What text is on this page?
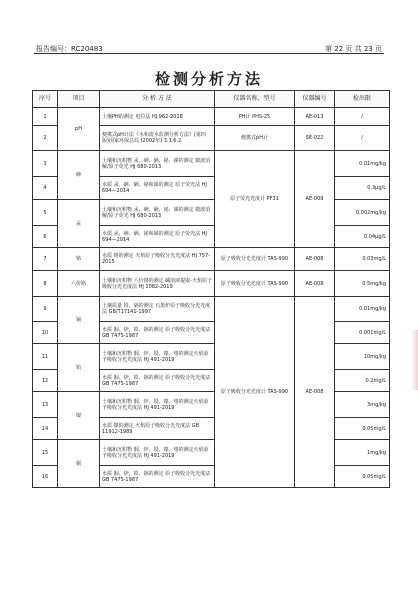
报告编号：RC20483	第 22 页 共 23 页
检测分析方法
序号	项目	分 析 方 法	仪器名称、型号	仪器编号	检出限
1	pH	土壤PH的测定 电位法 HJ 962-2018	PH计 PHS-25	AE-013	/
2		便携式pH计法《水和废水监测分析方法》(第四版)国家环保总局 (2002年) 3.1.6.2	便携式pH计	SE-022	/
3	砷	土壤和沉积物 汞、砷、硒、铋、锑的测定 微波消解/原子荧光 HJ 680-2013	原子荧光光度计 PF31	AE-009	0.01mg/kg
4		水质 汞、砷、硒、铋和锑的测定 原子荧光法 HJ 694—2014			0.3μg/L
5	汞	土壤和沉积物 汞、砷、硒、铋、锑的测定 微波消解/原子荧光 HJ 680-2013			0.002mg/kg
6		水质 汞、砷、硒、铋和锑的测定 原子荧光法 HJ 694—2014			0.04μg/L
7	铬	水质 铬的测定 火焰原子吸收分光光度法 HJ 757-2015	原子吸收分光光度计 TAS-990	AE-008	0.03mg/L
8	六价铬	土壤和沉积物 六价铬的测定 碱溶液提取-火焰原子吸收分光光度法 HJ 1082-2019	原子吸收分光光度计 TAS-990	AE-008	0.5mg/kg
9	镉	土壤质量 铅、镉的测定 石墨炉原子吸收分光光度法 GB/T17141-1997	原子吸收分光光度计 TAS-990	AE-008	0.01mg/kg
10		水质 铜、锌、铅、镉的测定 原子吸收分光光度法 GB 7475-1987			0.001mg/L
11	铅	土壤和沉积物 铜、锌、铅、镍、铬的测定火焰原子吸收分光光度法 HJ 491-2019			10mg/kg
12		水质 铜、锌、铅、镉的测定 原子吸收分光光度法 GB 7475-1987			0.2mg/L
13	镍	土壤和沉积物 铜、锌、铅、镍、铬的测定火焰原子吸收分光光度法 HJ 491-2019			3mg/kg
14		水质 镍的测定 火焰原子吸收分光光度法 GB 11912-1989			0.05mg/L
15	铜	土壤和沉积物 铜、锌、铅、镍、铬的测定火焰原子吸收分光光度法 HJ 491-2019			1mg/kg
16		水质 铜、锌、铅、镉的测定 原子吸收分光光度法 GB 7475-1987			0.05mg/L
